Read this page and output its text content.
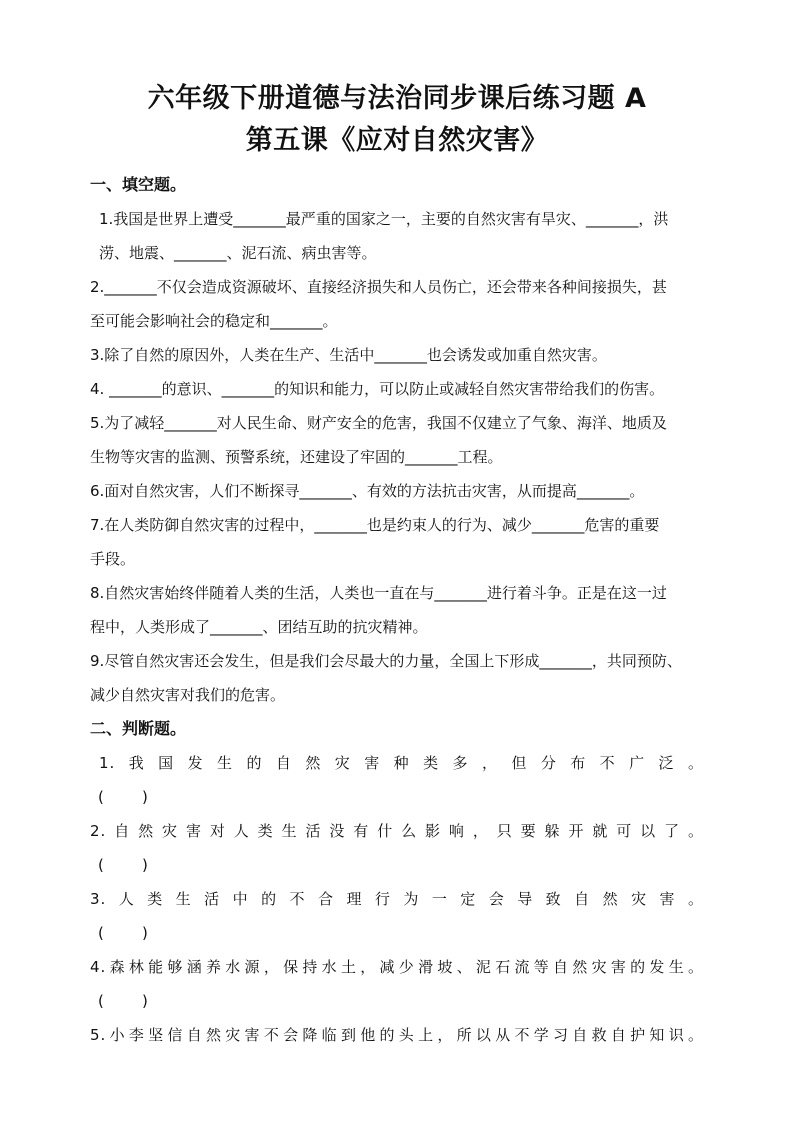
六年级下册道德与法治同步课后练习题 A
第五课《应对自然灾害》

一、填空题。

1.我国是世界上遭受_______最严重的国家之一，主要的自然灾害有旱灾、_______，洪
涝、地震、_______、泥石流、病虫害等。

2._______不仅会造成资源破坏、直接经济损失和人员伤亡，还会带来各种间接损失，甚
至可能会影响社会的稳定和_______。

3.除了自然的原因外，人类在生产、生活中_______也会诱发或加重自然灾害。

4. _______的意识、_______的知识和能力，可以防止或减轻自然灾害带给我们的伤害。

5.为了减轻_______对人民生命、财产安全的危害，我国不仅建立了气象、海洋、地质及
生物等灾害的监测、预警系统，还建设了牢固的_______工程。

6.面对自然灾害，人们不断探寻_______、有效的方法抗击灾害，从而提高_______。

7.在人类防御自然灾害的过程中，_______也是约束人的行为、减少_______危害的重要
手段。

8.自然灾害始终伴随着人类的生活，人类也一直在与_______进行着斗争。正是在这一过
程中，人类形成了_______、团结互助的抗灾精神。

9.尽管自然灾害还会发生，但是我们会尽最大的力量，全国上下形成_______，共同预防、
减少自然灾害对我们的危害。

二、判断题。

1.我国发生的自然灾害种类多，但分布不广泛。
(        )

2.自然灾害对人类生活没有什么影响，只要躲开就可以了。
(        )

3.人类生活中的不合理行为一定会导致自然灾害。
(        )

4.森林能够涵养水源，保持水土，减少滑坡、泥石流等自然灾害的发生。
(        )

5.小李坚信自然灾害不会降临到他的头上，所以从不学习自救自护知识。
